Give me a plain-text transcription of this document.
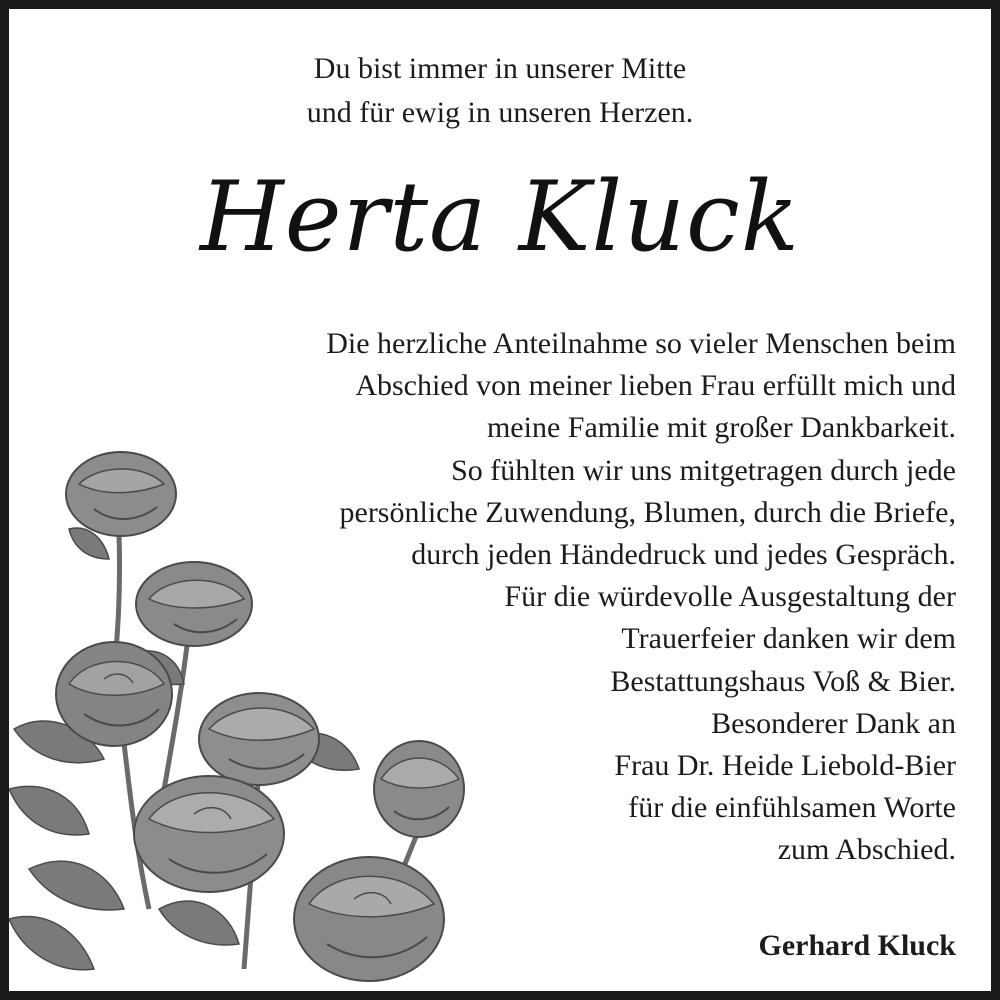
Du bist immer in unserer Mitte
und für ewig in unseren Herzen.
Herta Kluck
Die herzliche Anteilnahme so vieler Menschen beim
Abschied von meiner lieben Frau erfüllt mich und
meine Familie mit großer Dankbarkeit.
So fühlten wir uns mitgetragen durch jede
persönliche Zuwendung, Blumen, durch die Briefe,
durch jeden Händedruck und jedes Gespräch.
Für die würdevolle Ausgestaltung der
Trauerfeier danken wir dem
Bestattungshaus Voß & Bier.
Besonderer Dank an
Frau Dr. Heide Liebold-Bier
für die einfühlsamen Worte
zum Abschied.
Gerhard Kluck
